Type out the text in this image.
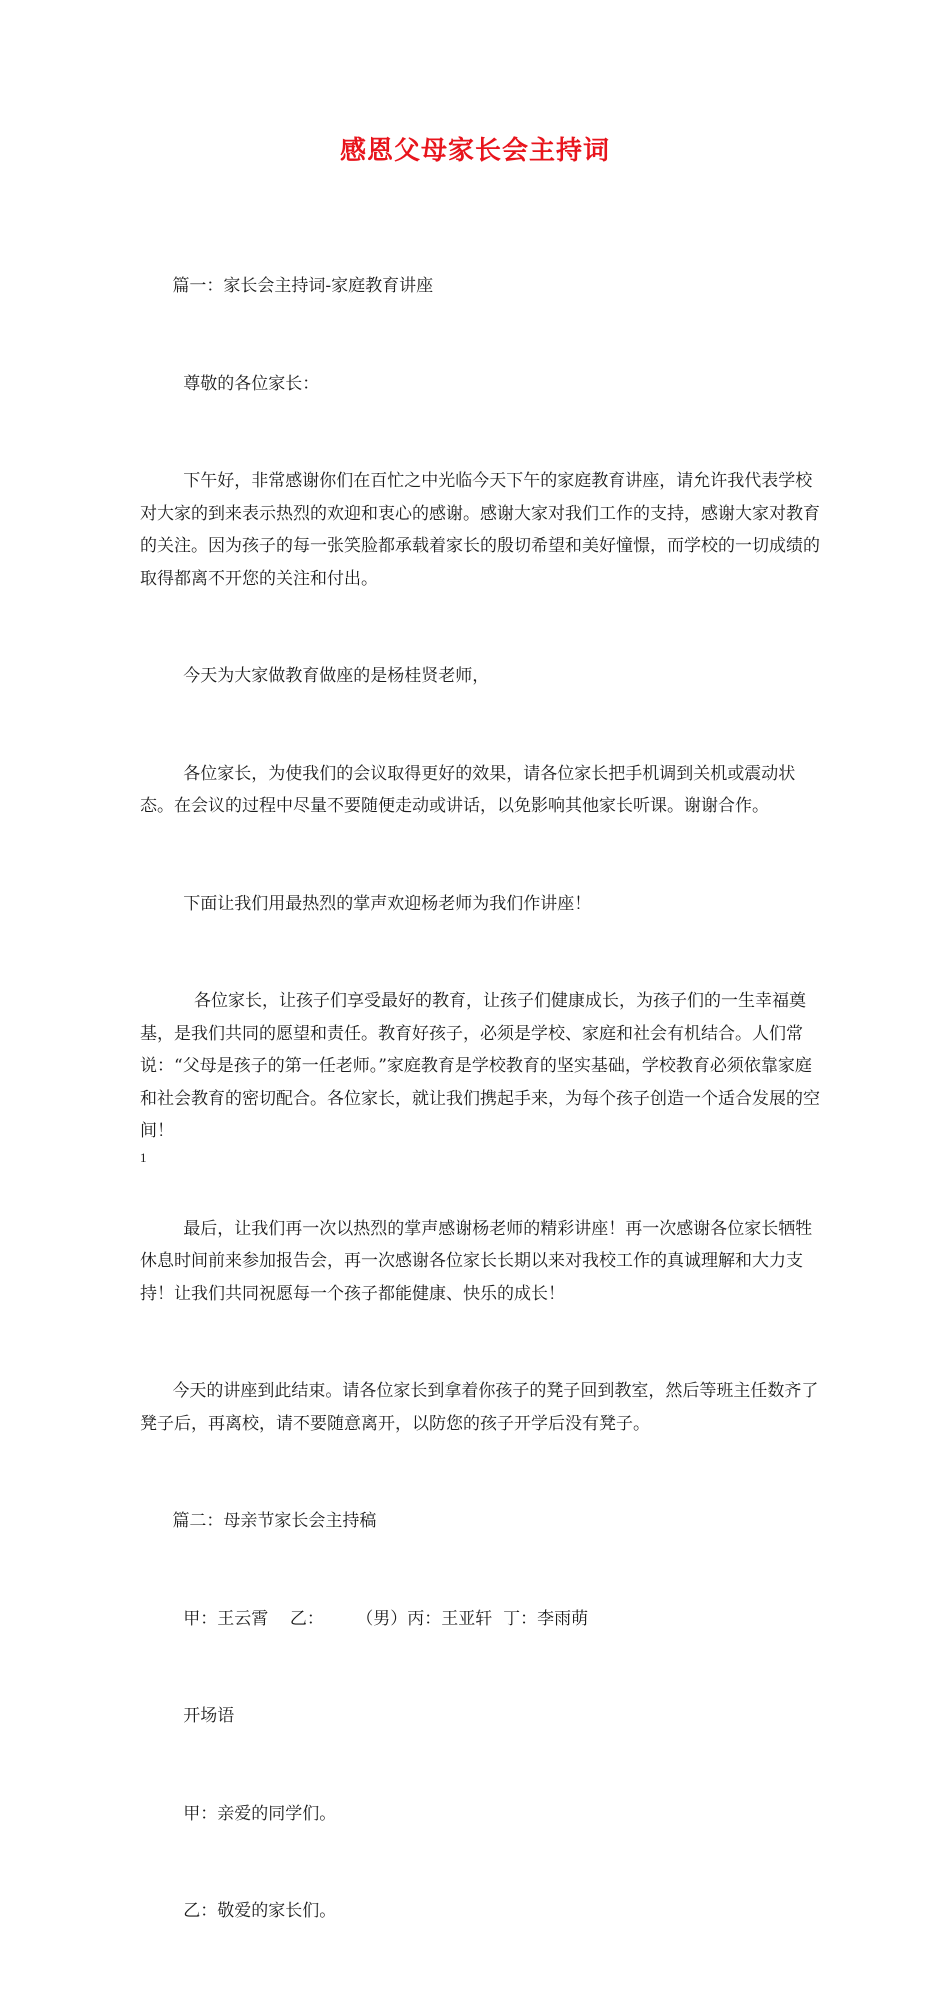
感恩父母家长会主持词

篇一：家长会主持词-家庭教育讲座

尊敬的各位家长：

下午好，非常感谢你们在百忙之中光临今天下午的家庭教育讲座，请允许我代表学校对大家的到来表示热烈的欢迎和衷心的感谢。感谢大家对我们工作的支持，感谢大家对教育的关注。因为孩子的每一张笑脸都承载着家长的殷切希望和美好憧憬，而学校的一切成绩的取得都离不开您的关注和付出。

今天为大家做教育做座的是杨桂贤老师，

各位家长，为使我们的会议取得更好的效果，请各位家长把手机调到关机或震动状态。在会议的过程中尽量不要随便走动或讲话，以免影响其他家长听课。谢谢合作。

下面让我们用最热烈的掌声欢迎杨老师为我们作讲座！

各位家长，让孩子们享受最好的教育，让孩子们健康成长，为孩子们的一生幸福奠基，是我们共同的愿望和责任。教育好孩子，必须是学校、家庭和社会有机结合。人们常说：“父母是孩子的第一任老师。”家庭教育是学校教育的坚实基础，学校教育必须依靠家庭和社会教育的密切配合。各位家长，就让我们携起手来，为每个孩子创造一个适合发展的空间！

最后，让我们再一次以热烈的掌声感谢杨老师的精彩讲座！再一次感谢各位家长牺牲休息时间前来参加报告会，再一次感谢各位家长长期以来对我校工作的真诚理解和大力支持！让我们共同祝愿每一个孩子都能健康、快乐的成长！

今天的讲座到此结束。请各位家长到拿着你孩子的凳子回到教室，然后等班主任数齐了凳子后，再离校，请不要随意离开，以防您的孩子开学后没有凳子。

篇二：母亲节家长会主持稿

甲：王云霄    乙：      （男）丙：王亚轩  丁：李雨萌

开场语

甲：亲爱的同学们。

乙：敬爱的家长们。

1
